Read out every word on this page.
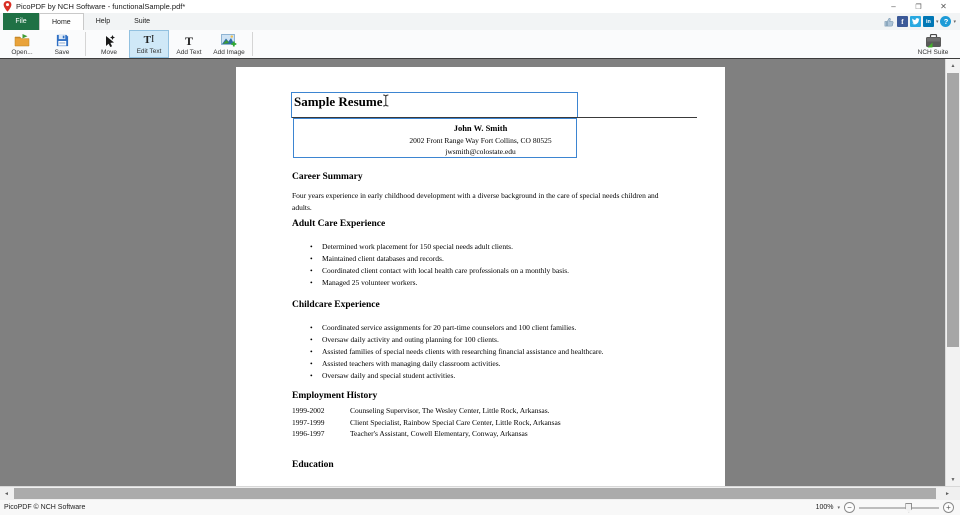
PicoPDF by NCH Software - functionalSample.pdf*	–	❐	✕
File	Home	Help	Suite	f	in	▾ ?	▾
Open...	Save	Move
T I
Edit Text
T
Add Text Add Image	NCH Suite
Sample Resume
John W. Smith
2002 Front Range Way Fort Collins, CO 80525
jwsmith@colostate.edu
Career Summary

Four years experience in early childhood development with a diverse background in the care of special needs children and adults.

Adult Care Experience
• Determined work placement for 150 special needs adult clients.
• Maintained client databases and records.
• Coordinated client contact with local health care professionals on a monthly basis.
• Managed 25 volunteer workers.
Childcare Experience
• Coordinated service assignments for 20 part-time counselors and 100 client families.
• Oversaw daily activity and outing planning for 100 clients.
• Assisted families of special needs clients with researching financial assistance and healthcare.
• Assisted teachers with managing daily classroom activities.
• Oversaw daily and special student activities.
Employment History
1999-2002	Counseling Supervisor, The Wesley Center, Little Rock, Arkansas.
1997-1999	Client Specialist, Rainbow Special Care Center, Little Rock, Arkansas
1996-1997	Teacher's Assistant, Cowell Elementary, Conway, Arkansas
Education
▲
▼
◄	►
PicoPDF © NCH Software	100% ▾ −	+
